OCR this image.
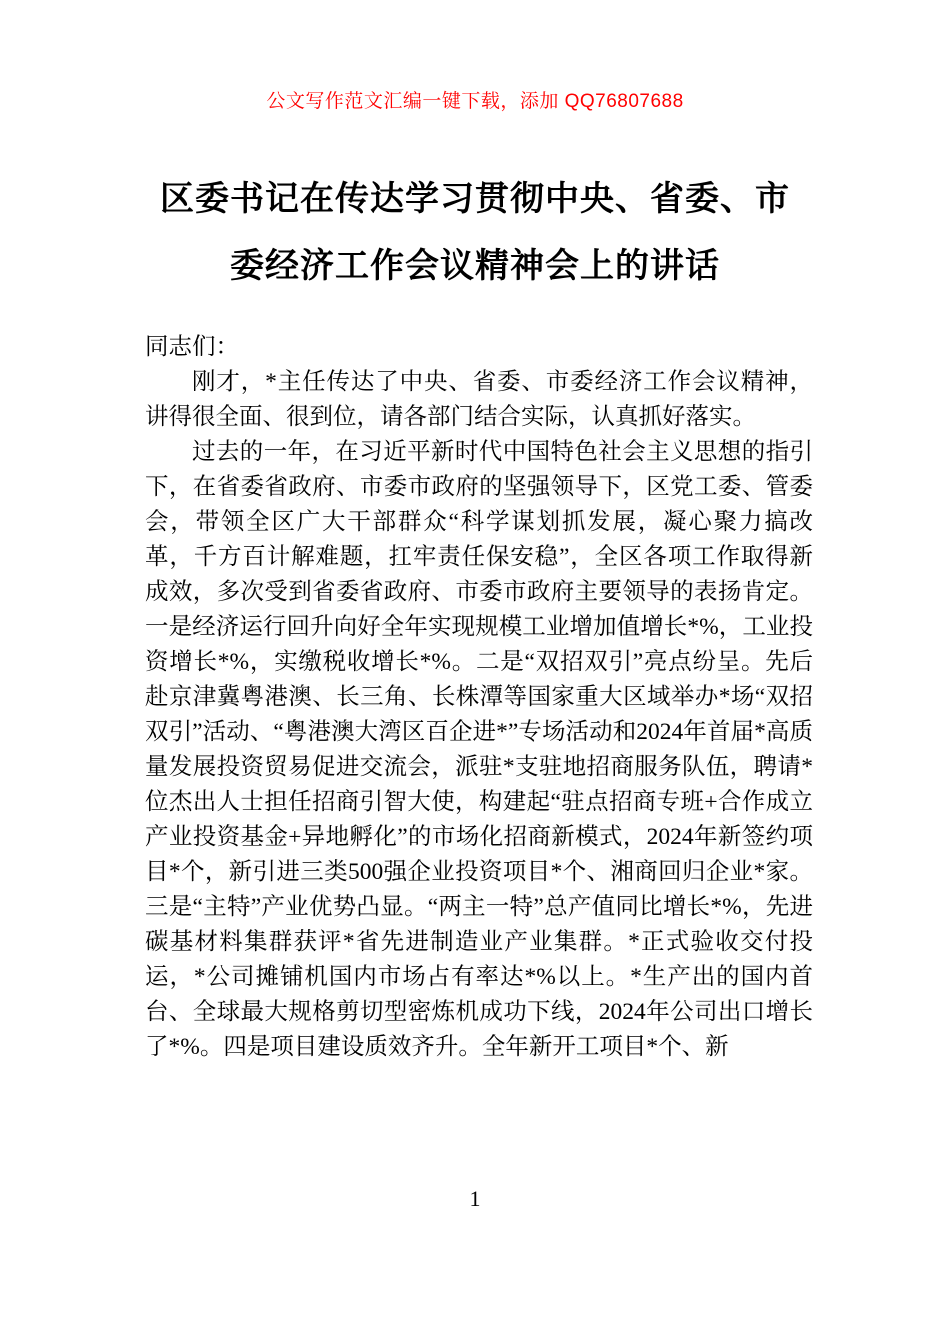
公文写作范文汇编一键下载，添加 QQ76807688
区委书记在传达学习贯彻中央、省委、市
委经济工作会议精神会上的讲话

同志们：

刚才，*主任传达了中央、省委、市委经济工作会议精神，讲得很全面、很到位，请各部门结合实际，认真抓好落实。

过去的一年，在习近平新时代中国特色社会主义思想的指引下，在省委省政府、市委市政府的坚强领导下，区党工委、管委会，带领全区广大干部群众“科学谋划抓发展，凝心聚力搞改革，千方百计解难题，扛牢责任保安稳”，全区各项工作取得新成效，多次受到省委省政府、市委市政府主要领导的表扬肯定。一是经济运行回升向好全年实现规模工业增加值增长*%，工业投资增长*%，实缴税收增长*%。二是“双招双引”亮点纷呈。先后赴京津冀粤港澳、长三角、长株潭等国家重大区域举办*场“双招双引”活动、“粤港澳大湾区百企进*”专场活动和2024年首届*高质量发展投资贸易促进交流会，派驻*支驻地招商服务队伍，聘请*位杰出人士担任招商引智大使，构建起“驻点招商专班+合作成立产业投资基金+异地孵化”的市场化招商新模式，2024年新签约项目*个，新引进三类500强企业投资项目*个、湘商回归企业*家。三是“主特”产业优势凸显。“两主一特”总产值同比增长*%，先进碳基材料集群获评*省先进制造业产业集群。*正式验收交付投运，*公司摊铺机国内市场占有率达*%以上。*生产出的国内首台、全球最大规格剪切型密炼机成功下线，2024年公司出口增长了*%。四是项目建设质效齐升。全年新开工项目*个、新

1
